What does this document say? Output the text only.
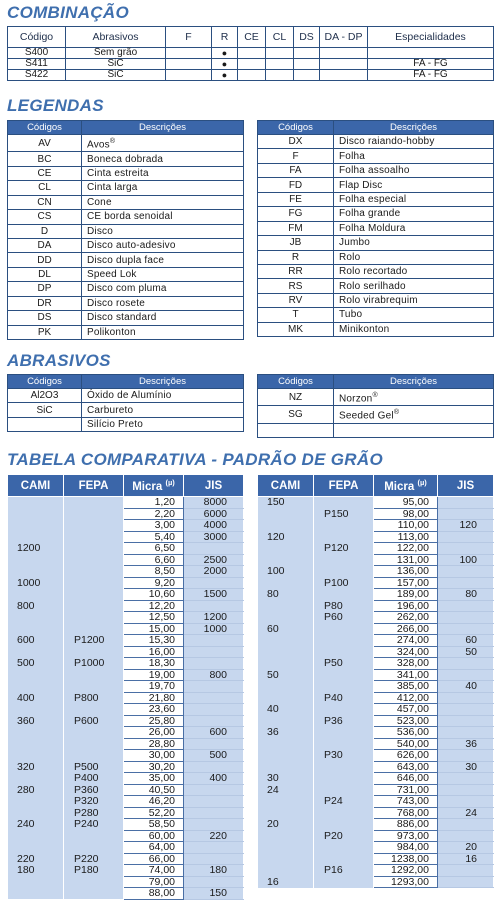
COMBINAÇÃO
Código	Abrasivos	F	R	CE	CL	DS	DA - DP	Especialidades
S400	Sem grão		●					
S411	SiC		●					FA - FG
S422	SiC		●					FA - FG
LEGENDAS
Códigos	Descrições
AV	Avos®
BC	Boneca dobrada
CE	Cinta estreita
CL	Cinta larga
CN	Cone
CS	CE borda senoidal
D	Disco
DA	Disco auto-adesivo
DD	Disco dupla face
DL	Speed Lok
DP	Disco com pluma
DR	Disco rosete
DS	Disco standard
PK	Polikonton
Códigos	Descrições
DX	Disco raiando-hobby
F	Folha
FA	Folha assoalho
FD	Flap Disc
FE	Folha especial
FG	Folha grande
FM	Folha Moldura
JB	Jumbo
R	Rolo
RR	Rolo recortado
RS	Rolo serilhado
RV	Rolo virabrequim
T	Tubo
MK	Minikonton
ABRASIVOS
Códigos	Descrições
Al2O3	Óxido de Alumínio
SiC	Carbureto
	Silício Preto
Códigos	Descrições
NZ	Norzon®
SG	Seeded Gel®

TABELA COMPARATIVA - PADRÃO DE GRÃO
CAMI	FEPA	Micra $^{(\mu)}$	JIS
		1,20	8000
		2,20	6000
		3,00	4000
		5,40	3000
1200		6,50	
		6,60	2500
		8,50	2000
1000		9,20	
		10,60	1500
800		12,20	
		12,50	1200
		15,00	1000
600	P1200	15,30	
		16,00	
500	P1000	18,30	
		19,00	800
		19,70	
400	P800	21,80	
		23,60	
360	P600	25,80	
		26,00	600
		28,80	
		30,00	500
320	P500	30,20	
	P400	35,00	400
280	P360	40,50	
	P320	46,20	
	P280	52,20	
240	P240	58,50	
		60,00	220
		64,00	
220	P220	66,00	
180	P180	74,00	180
		79,00	
		88,00	150
CAMI	FEPA	Micra $^{(\mu)}$	JIS
150		95,00	
	P150	98,00	
		110,00	120
120		113,00	
	P120	122,00	
		131,00	100
100		136,00	
	P100	157,00	
80		189,00	80
	P80	196,00	
	P60	262,00	
60		266,00	
		274,00	60
		324,00	50
	P50	328,00	
50		341,00	
		385,00	40
	P40	412,00	
40		457,00	
	P36	523,00	
36		536,00	
		540,00	36
	P30	626,00	
		643,00	30
30		646,00	
24		731,00	
	P24	743,00	
		768,00	24
20		886,00	
	P20	973,00	
		984,00	20
		1238,00	16
	P16	1292,00	
16		1293,00	
